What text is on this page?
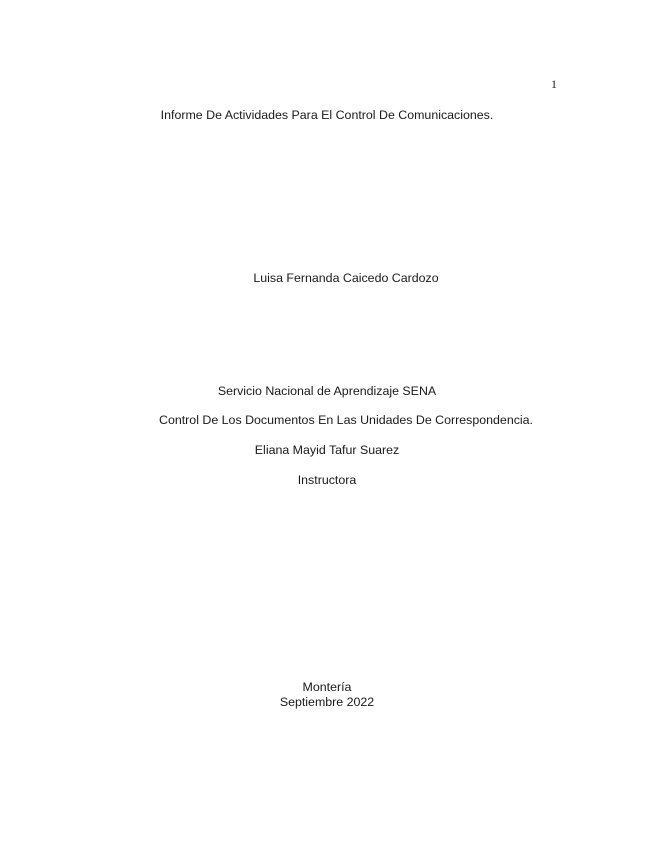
1
Informe De Actividades Para El Control De Comunicaciones.
Luisa Fernanda Caicedo Cardozo
Servicio Nacional de Aprendizaje SENA
Control De Los Documentos En Las Unidades De Correspondencia.
Eliana Mayid Tafur Suarez
Instructora
Montería
Septiembre 2022
